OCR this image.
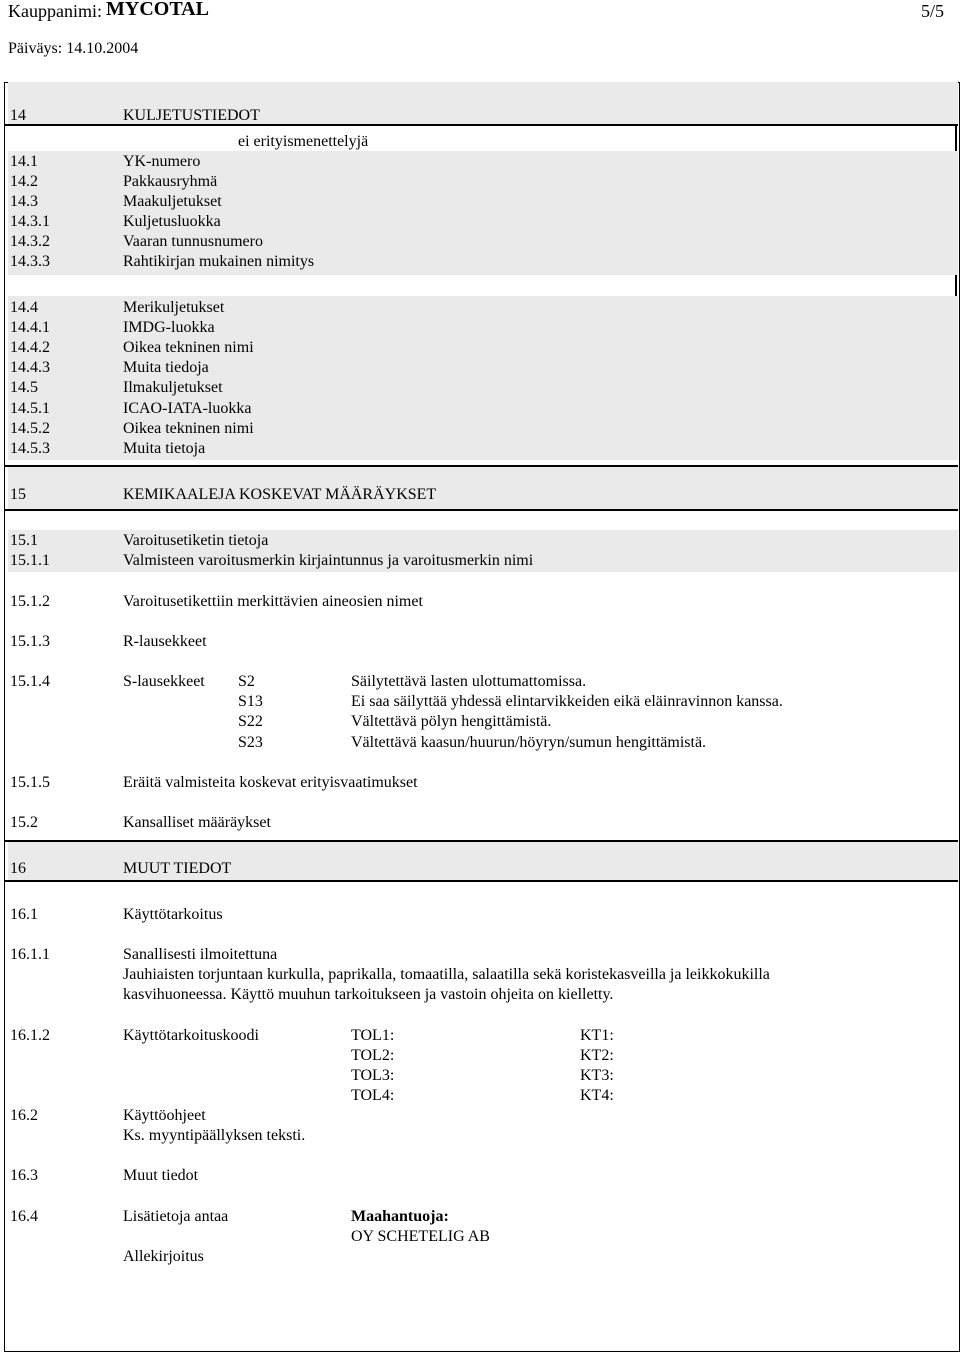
Kauppanimi: MYCOTAL	5/5
Päiväys: 14.10.2004
14	KULJETUSTIEDOT
ei erityismenettelyjä
14.1	YK-numero
14.2	Pakkausryhmä
14.3	Maakuljetukset
14.3.1	Kuljetusluokka
14.3.2	Vaaran tunnusnumero
14.3.3	Rahtikirjan mukainen nimitys
14.4	Merikuljetukset
14.4.1	IMDG-luokka
14.4.2	Oikea tekninen nimi
14.4.3	Muita tiedoja
14.5	Ilmakuljetukset
14.5.1	ICAO-IATA-luokka
14.5.2	Oikea tekninen nimi
14.5.3	Muita tietoja
15	KEMIKAALEJA KOSKEVAT MÄÄRÄYKSET
15.1	Varoitusetiketin tietoja
15.1.1	Valmisteen varoitusmerkin kirjaintunnus ja varoitusmerkin nimi
15.1.2	Varoitusetikettiin merkittävien aineosien nimet
15.1.3	R-lausekkeet
15.1.4	S-lausekkeet S2	Säilytettävä lasten ulottumattomissa.
S13	Ei saa säilyttää yhdessä elintarvikkeiden eikä eläinravinnon kanssa.
S22	Vältettävä pölyn hengittämistä.
S23	Vältettävä kaasun/huurun/höyryn/sumun hengittämistä.
15.1.5	Eräitä valmisteita koskevat erityisvaatimukset
15.2	Kansalliset määräykset
16	MUUT TIEDOT
16.1	Käyttötarkoitus
16.1.1	Sanallisesti ilmoitettuna
Jauhiaisten torjuntaan kurkulla, paprikalla, tomaatilla, salaatilla sekä koristekasveilla ja leikkokukilla
kasvihuoneessa. Käyttö muuhun tarkoitukseen ja vastoin ohjeita on kielletty.
16.1.2	Käyttötarkoituskoodi	TOL1:	KT1:
TOL2:	KT2:
TOL3:	KT3:
TOL4:	KT4:
16.2	Käyttöohjeet
Ks. myyntipäällyksen teksti.
16.3	Muut tiedot
16.4	Lisätietoja antaa	Maahantuoja:
OY SCHETELIG AB
Allekirjoitus
